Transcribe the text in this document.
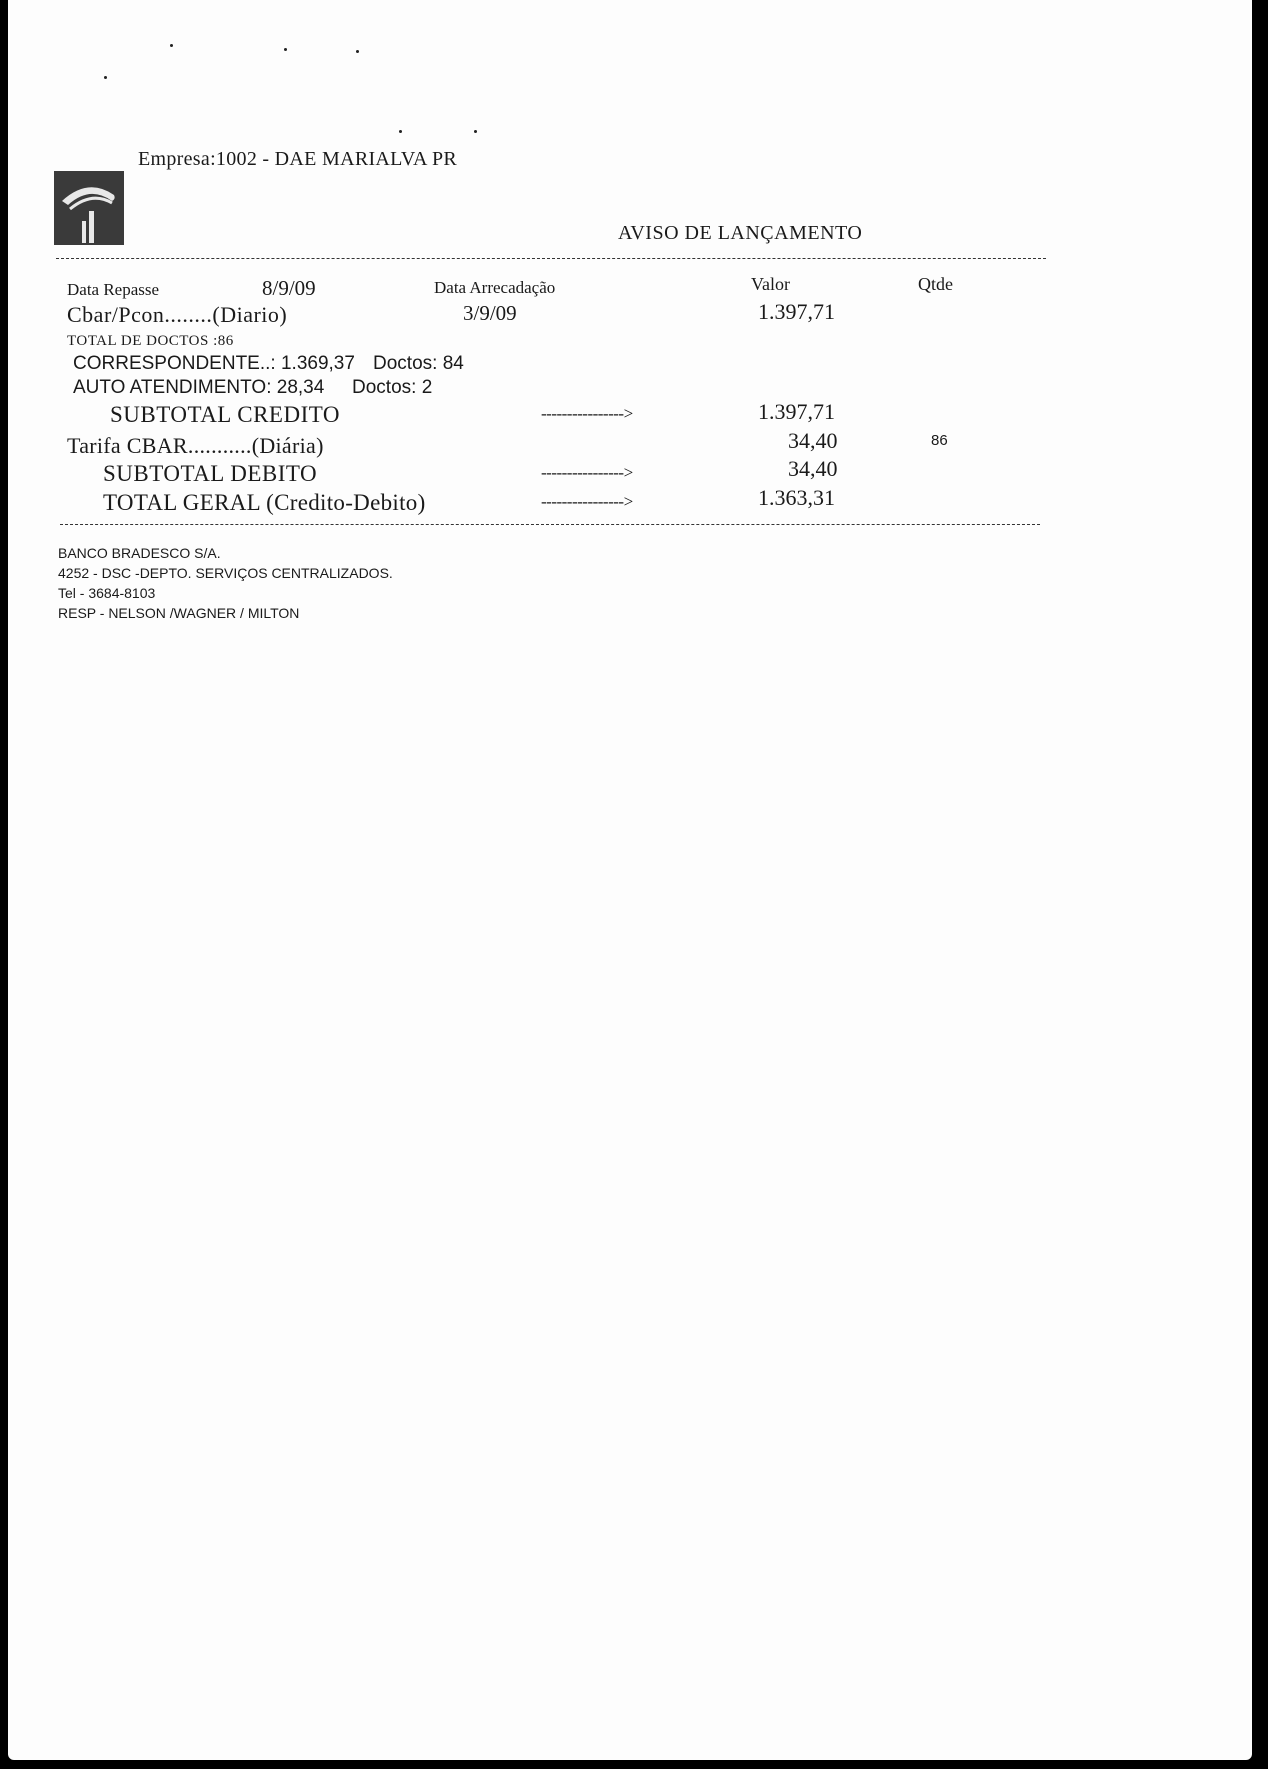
Empresa:1002 - DAE MARIALVA PR
AVISO DE LANÇAMENTO
Data Repasse	8/9/09	Data Arrecadação	Valor	Qtde
Cbar/Pcon........(Diario)	3/9/09	1.397,71
TOTAL DE DOCTOS :86
CORRESPONDENTE..: 1.369,37 Doctos: 84
AUTO ATENDIMENTO: 28,34 Doctos: 2
SUBTOTAL CREDITO	---------------->	1.397,71
Tarifa CBAR...........(Diária)	34,40	86
SUBTOTAL DEBITO	---------------->	34,40
TOTAL GERAL (Credito-Debito)	---------------->	1.363,31
BANCO BRADESCO S/A.
4252 - DSC -DEPTO. SERVIÇOS CENTRALIZADOS.
Tel - 3684-8103
RESP - NELSON /WAGNER / MILTON
